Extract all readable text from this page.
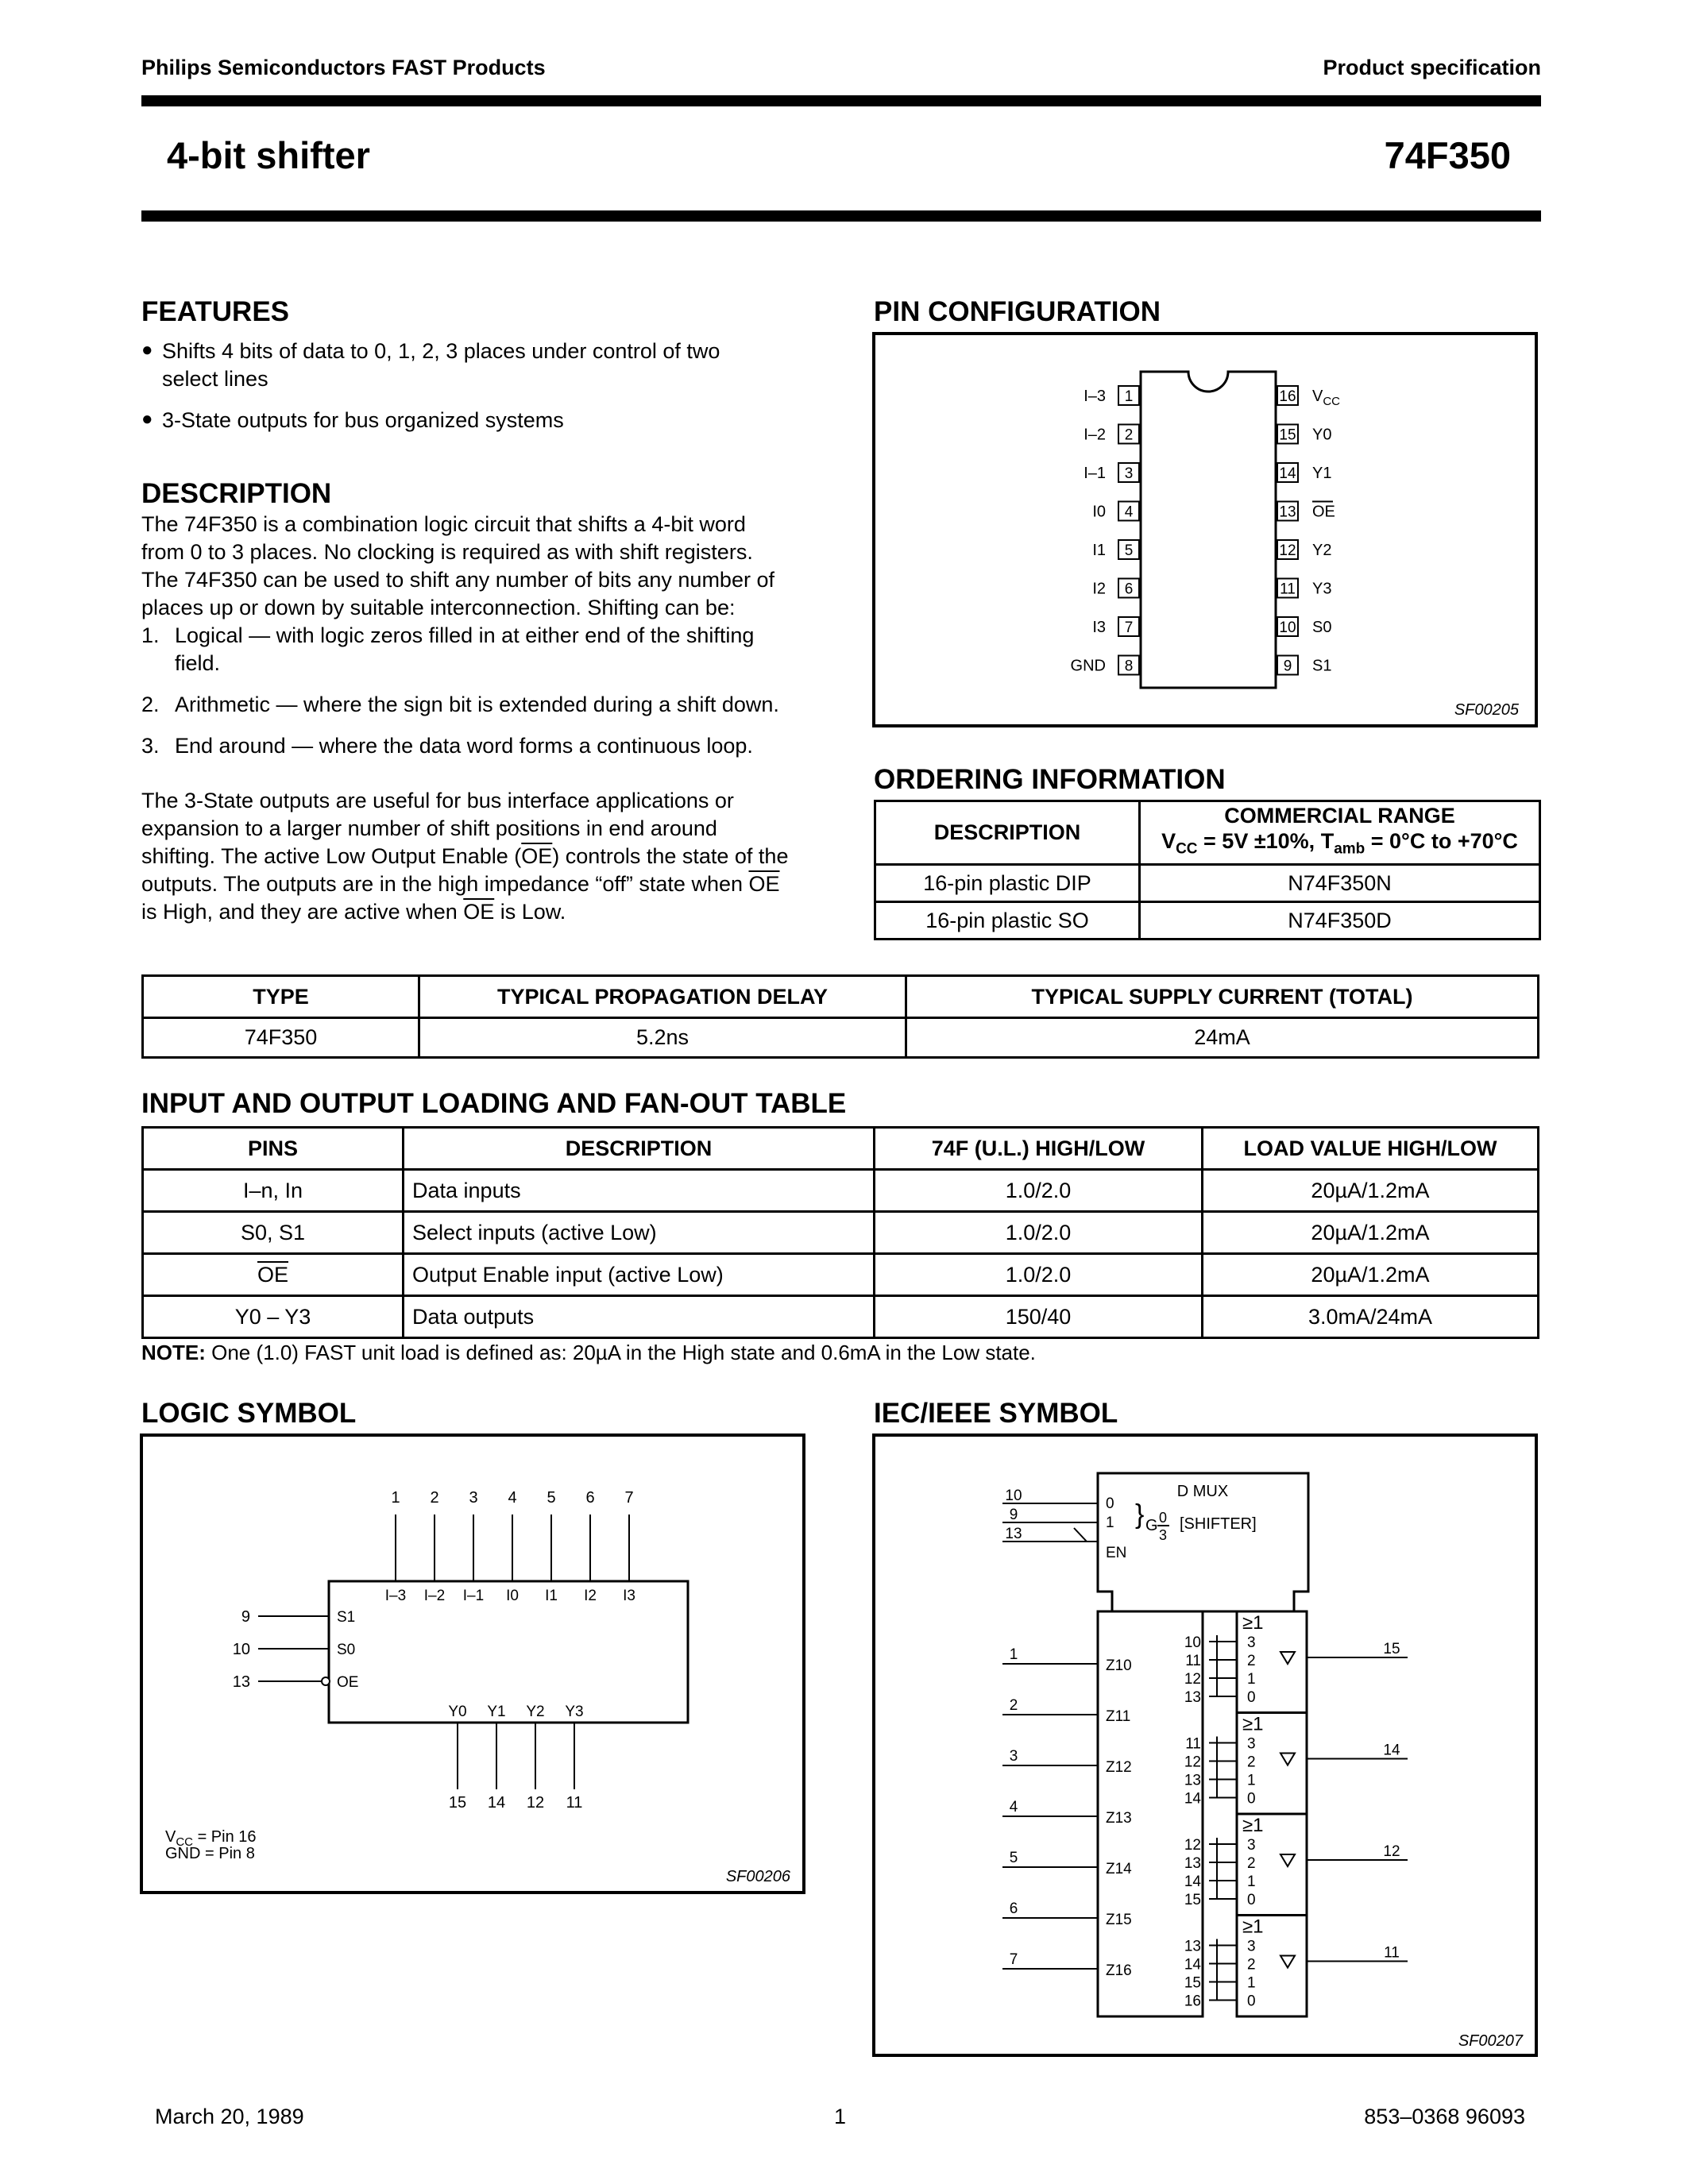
Philips Semiconductors FAST Products	Product specification
4-bit shifter	74F350
FEATURES
● Shifts 4 bits of data to 0, 1, 2, 3 places under control of two
select lines
● 3-State outputs for bus organized systems
DESCRIPTION
The 74F350 is a combination logic circuit that shifts a 4-bit word
from 0 to 3 places. No clocking is required as with shift registers.
The 74F350 can be used to shift any number of bits any number of
places up or down by suitable interconnection. Shifting can be:
1. Logical — with logic zeros filled in at either end of the shifting
field.
2. Arithmetic — where the sign bit is extended during a shift down.
3. End around — where the data word forms a continuous loop.
The 3-State outputs are useful for bus interface applications or
expansion to a larger number of shift positions in end around
shifting. The active Low Output Enable $(\overline{OE})$ controls the state of the
outputs. The outputs are in the high impedance “off” state when $\overline{OE}$
is High, and they are active when $\overline{OE}$ is Low.
PIN CONFIGURATION
1
I–3
2
I–2
3
I–1
4
I0
5
I1
6
I2
7
I3
8
GND
16 $V_{CC}$
15 Y0
14 Y1
13 OE
12 Y2
11 Y3
10 S0
9 S1
SF00205
ORDERING INFORMATION
DESCRIPTION	COMMERCIAL RANGE
$V_{CC} = 5V \pm 10\%$, $T_{amb} = 0^\circ C$ to +70°C

16-pin plastic DIP	N74F350N
16-pin plastic SO	N74F350D
TYPE	TYPICAL PROPAGATION DELAY	TYPICAL SUPPLY CURRENT (TOTAL)
74F350	5.2ns	24mA
INPUT AND OUTPUT LOADING AND FAN-OUT TABLE
PINS	DESCRIPTION	74F (U.L.) HIGH/LOW	LOAD VALUE HIGH/LOW
I–n, In	Data inputs	1.0/2.0	20µA/1.2mA
S0, S1	Select inputs (active Low)	1.0/2.0	20µA/1.2mA
$\overline{OE}$	Output Enable input (active Low)	1.0/2.0	20µA/1.2mA
Y0 – Y3	Data outputs	150/40	3.0mA/24mA
NOTE: One (1.0) FAST unit load is defined as: 20µA in the High state and 0.6mA in the Low state.
LOGIC SYMBOL
1
I–3
2
I–2
3
I–1
4
I0
5
I1
6
I2
7
I3
9	S1
10	S0
13	OE
Y0
15
Y1
14
Y2
12
Y3
11
$V_{CC}$ = Pin 16
GND = Pin 8
SF00206
IEC/IEEE SYMBOL
D MUX
} G 0
3
[SHIFTER]
10	0
9	1
13
EN
1
Z10
2
Z11
3
Z12
4
Z13
5
Z14
6
Z15
7
Z16
≥1
15
10	3
11	2
12	1
13	0
≥1
14
11	3
12	2
13	1
14	0
≥1
12
12	3
13	2
14	1
15	0
≥1
11
13	3
14	2
15	1
16	0
SF00207
March 20, 1989	1	853–0368 96093
